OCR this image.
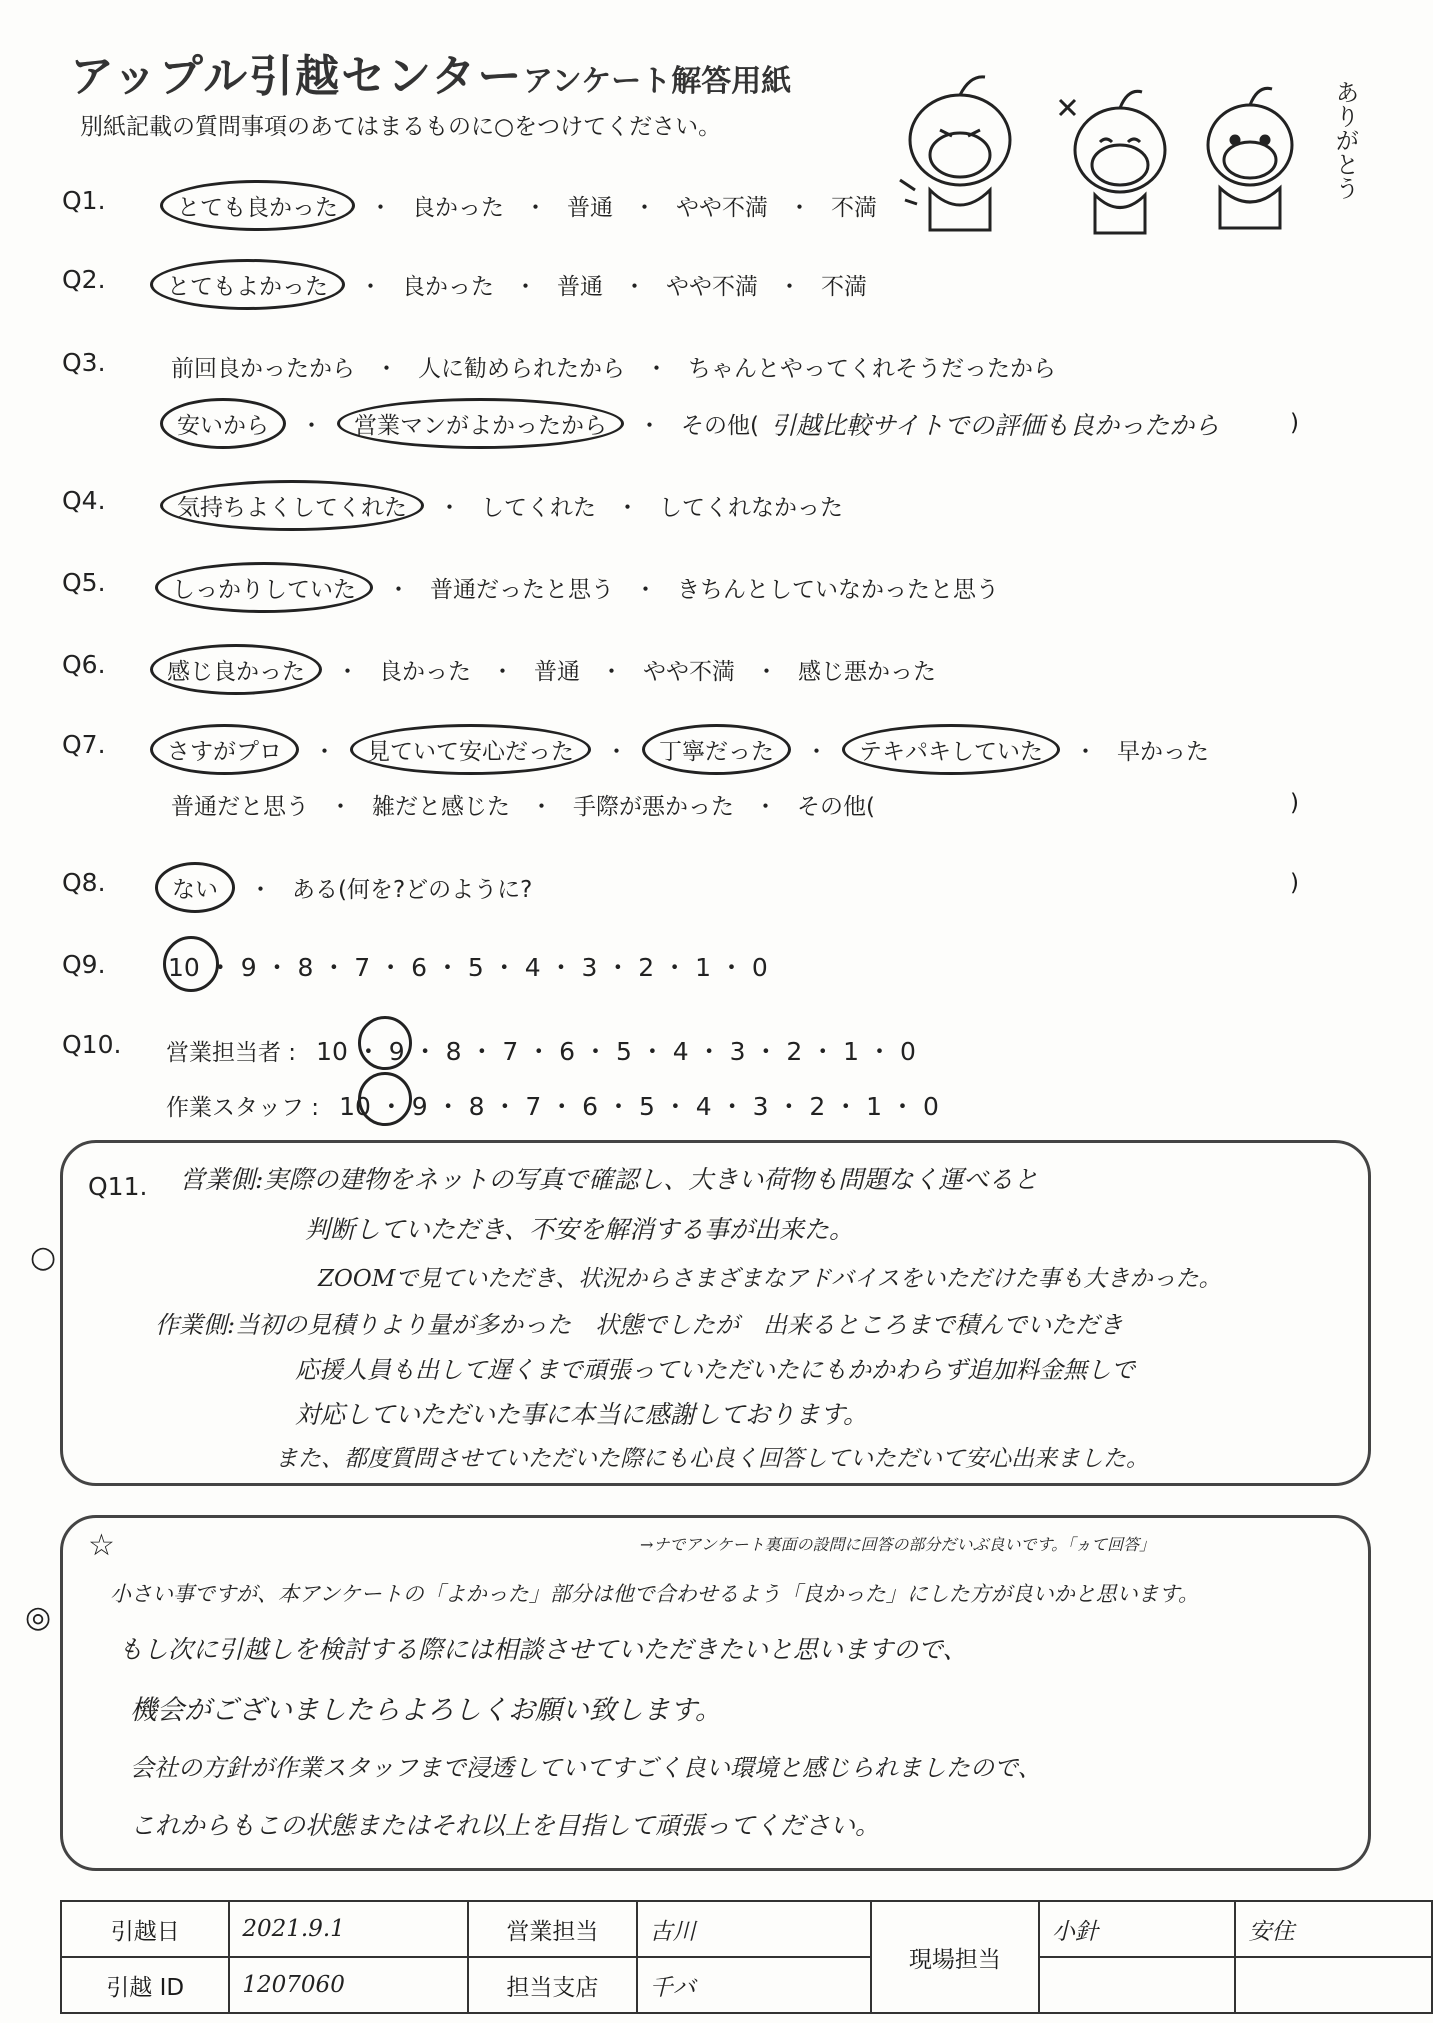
アップル引越センター アンケート解答用紙
別紙記載の質問事項のあてはまるものに○をつけてください。	ありがとう
Q1.	とても良かった	・ 良かった ・ 普通 ・ やや不満 ・ 不満
Q2.	とてもよかった	・ 良かった ・ 普通 ・ やや不満 ・ 不満
Q3.	前回良かったから ・ 人に勧められたから ・ ちゃんとやってくれそうだったから
安いから	・	営業マンがよかったから	・ その他( 引越比較サイトでの評価も良かったから	)
Q4.	気持ちよくしてくれた	・ してくれた ・ してくれなかった
Q5.	しっかりしていた	・ 普通だったと思う ・ きちんとしていなかったと思う
Q6.	感じ良かった	・ 良かった ・ 普通 ・ やや不満 ・ 感じ悪かった
Q7.	さすがプロ	・	見ていて安心だった	・	丁寧だった	・	テキパキしていた	・ 早かった
普通だと思う ・ 雑だと感じた ・ 手際が悪かった ・ その他(	)
Q8.	ない	・ ある(何を?どのように?	)
Q9. 10 ・ 9 ・ 8 ・ 7 ・ 6 ・ 5 ・ 4 ・ 3 ・ 2 ・ 1 ・ 0
Q10. 営業担当者 : 10 ・ 9 ・ 8 ・ 7 ・ 6 ・ 5 ・ 4 ・ 3 ・ 2 ・ 1 ・ 0
作業スタッフ : 10 ・ 9 ・ 8 ・ 7 ・ 6 ・ 5 ・ 4 ・ 3 ・ 2 ・ 1 ・ 0
Q11.
○
営業側:実際の建物をネットの写真で確認し、大きい荷物も問題なく運べると
判断していただき、不安を解消する事が出来た。
ZOOMで見ていただき、状況からさまざまなアドバイスをいただけた事も大きかった。
作業側:当初の見積りより量が多かった　状態でしたが　出来るところまで積んでいただき
応援人員も出して遅くまで頑張っていただいたにもかかわらず追加料金無しで
対応していただいた事に本当に感謝しております。
また、都度質問させていただいた際にも心良く回答していただいて安心出来ました。
☆
◎
→ナでアンケート裏面の設問に回答の部分だいぶ良いです。「ヵて回答」
小さい事ですが、本アンケートの「よかった」部分は他で合わせるよう「良かった」にした方が良いかと思います。
もし次に引越しを検討する際には相談させていただきたいと思いますので、
機会がございましたらよろしくお願い致します。
会社の方針が作業スタッフまで浸透していてすごく良い環境と感じられましたので、
これからもこの状態またはそれ以上を目指して頑張ってください。
引越日	2021.9.1	営業担当	古川	現場担当	小針	安住
引越 ID	1207060	担当支店	千バ			
